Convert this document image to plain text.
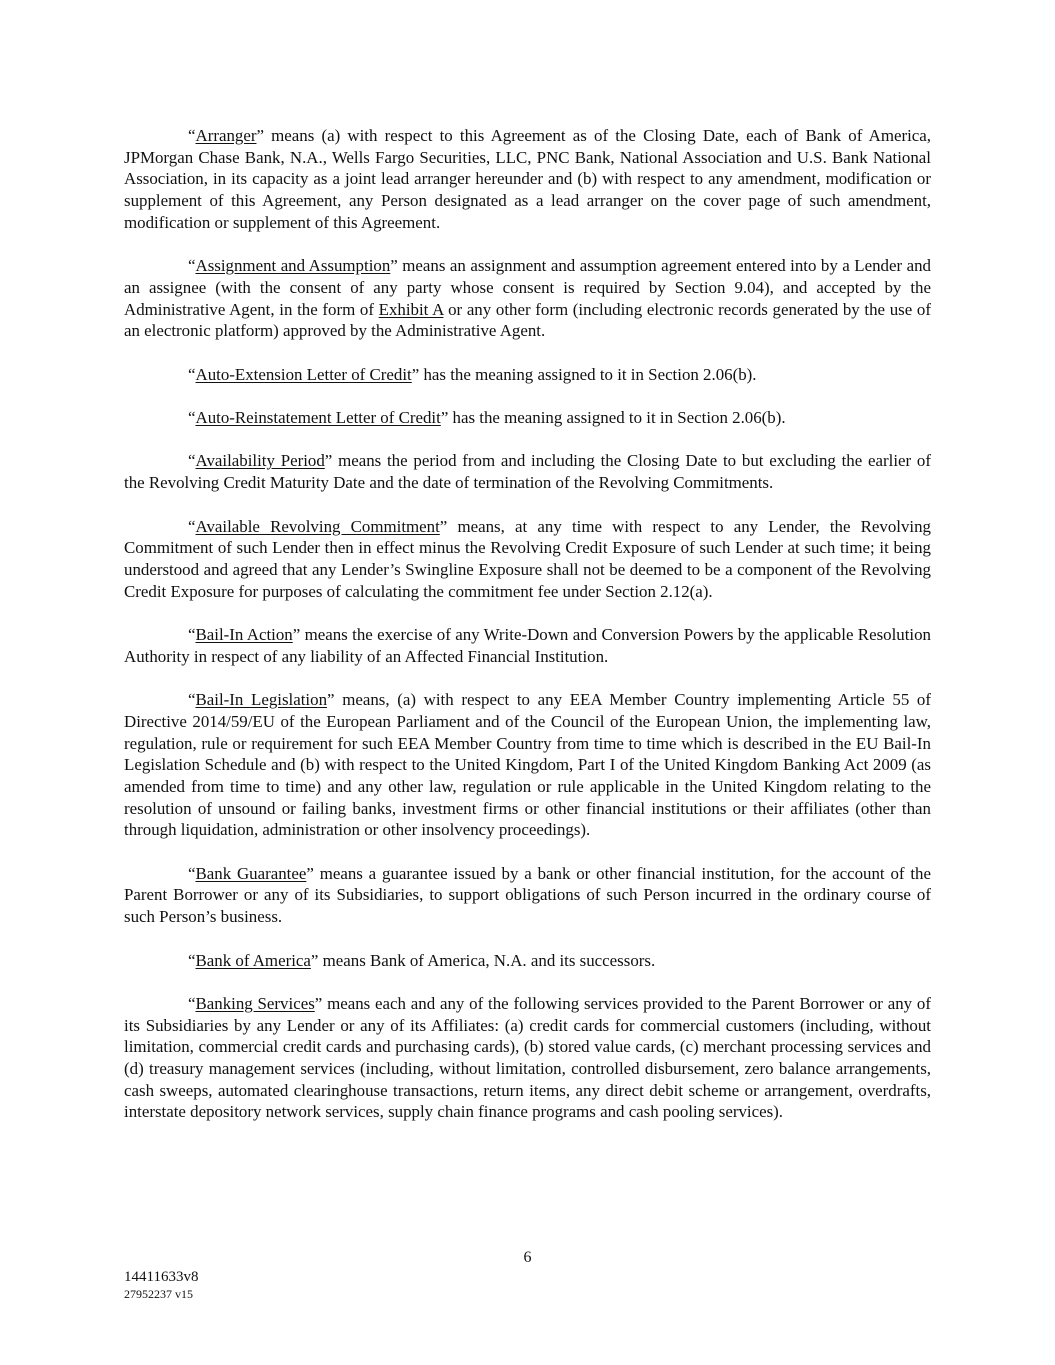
“Arranger” means (a) with respect to this Agreement as of the Closing Date, each of Bank of America, JPMorgan Chase Bank, N.A., Wells Fargo Securities, LLC, PNC Bank, National Association and U.S. Bank National Association, in its capacity as a joint lead arranger hereunder and (b) with respect to any amendment, modification or supplement of this Agreement, any Person designated as a lead arranger on the cover page of such amendment, modification or supplement of this Agreement.

“Assignment and Assumption” means an assignment and assumption agreement entered into by a Lender and an assignee (with the consent of any party whose consent is required by Section 9.04), and accepted by the Administrative Agent, in the form of Exhibit A or any other form (including electronic records generated by the use of an electronic platform) approved by the Administrative Agent.

“Auto-Extension Letter of Credit” has the meaning assigned to it in Section 2.06(b).

“Auto-Reinstatement Letter of Credit” has the meaning assigned to it in Section 2.06(b).

“Availability Period” means the period from and including the Closing Date to but excluding the earlier of the Revolving Credit Maturity Date and the date of termination of the Revolving Commitments.

“Available Revolving Commitment” means, at any time with respect to any Lender, the Revolving Commitment of such Lender then in effect minus the Revolving Credit Exposure of such Lender at such time; it being understood and agreed that any Lender’s Swingline Exposure shall not be deemed to be a component of the Revolving Credit Exposure for purposes of calculating the commitment fee under Section 2.12(a).

“Bail-In Action” means the exercise of any Write-Down and Conversion Powers by the applicable Resolution Authority in respect of any liability of an Affected Financial Institution.

“Bail-In Legislation” means, (a) with respect to any EEA Member Country implementing Article 55 of Directive 2014/59/EU of the European Parliament and of the Council of the European Union, the implementing law, regulation, rule or requirement for such EEA Member Country from time to time which is described in the EU Bail-In Legislation Schedule and (b) with respect to the United Kingdom, Part I of the United Kingdom Banking Act 2009 (as amended from time to time) and any other law, regulation or rule applicable in the United Kingdom relating to the resolution of unsound or failing banks, investment firms or other financial institutions or their affiliates (other than through liquidation, administration or other insolvency proceedings).

“Bank Guarantee” means a guarantee issued by a bank or other financial institution, for the account of the Parent Borrower or any of its Subsidiaries, to support obligations of such Person incurred in the ordinary course of such Person’s business.

“Bank of America” means Bank of America, N.A. and its successors.

“Banking Services” means each and any of the following services provided to the Parent Borrower or any of its Subsidiaries by any Lender or any of its Affiliates: (a) credit cards for commercial customers (including, without limitation, commercial credit cards and purchasing cards), (b) stored value cards, (c) merchant processing services and (d) treasury management services (including, without limitation, controlled disbursement, zero balance arrangements, cash sweeps, automated clearinghouse transactions, return items, any direct debit scheme or arrangement, overdrafts, interstate depository network services, supply chain finance programs and cash pooling services).

6
14411633v8
27952237 v15
